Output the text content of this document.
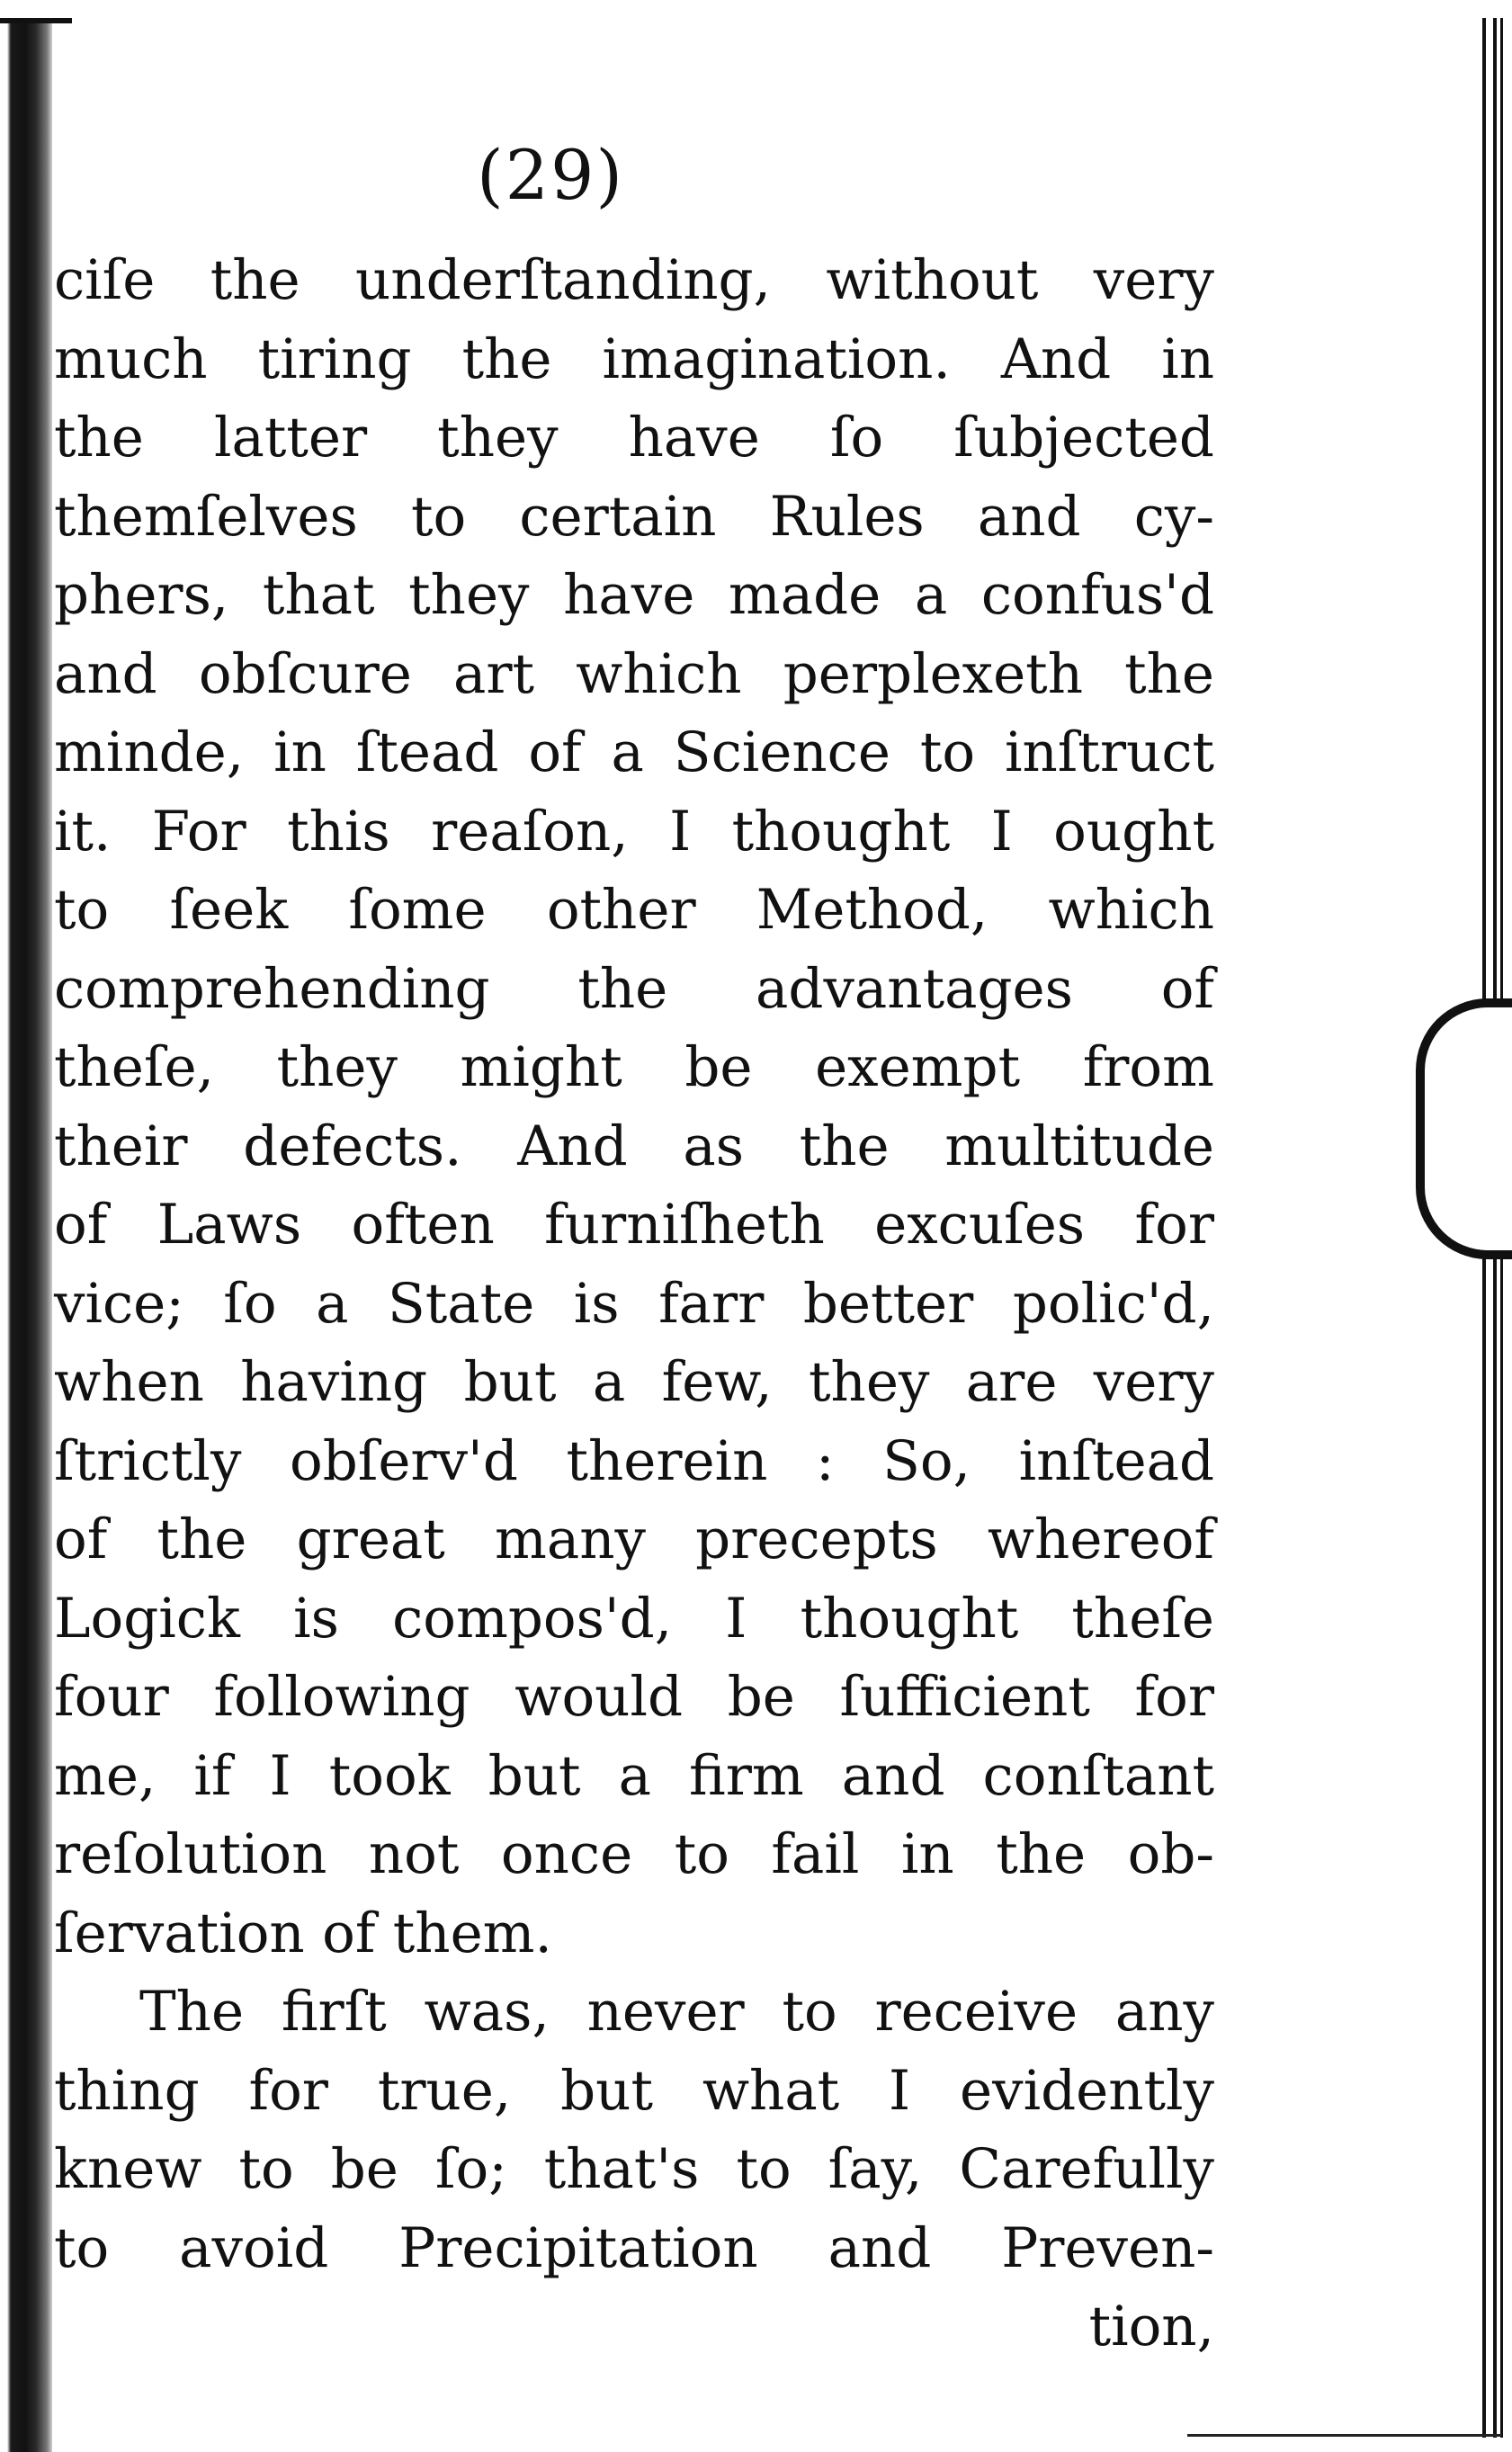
(29)
ciſe the underſtanding, without very
much tiring the imagination. And in
the latter they have ſo ſubjected
themſelves to certain Rules and cy-
phers, that they have made a confus'd
and obſcure art which perplexeth the
minde, in ſtead of a Science to inſtruct
it. For this reaſon, I thought I ought
to ſeek ſome other Method, which
comprehending the advantages of
theſe, they might be exempt from
their defects. And as the multitude
of Laws often furniſheth excuſes for
vice; ſo a State is farr better polic'd,
when having but a few, they are very
ſtrictly obſerv'd therein : So, inſtead
of the great many precepts whereof
Logick is compos'd, I thought theſe
four following would be ſufficient for
me, if I took but a firm and conſtant
reſolution not once to fail in the ob-
ſervation of them.
The firſt was, never to receive any
thing for true, but what I evidently
knew to be ſo; that's to ſay, Carefully
to avoid Precipitation and Preven-
tion,
